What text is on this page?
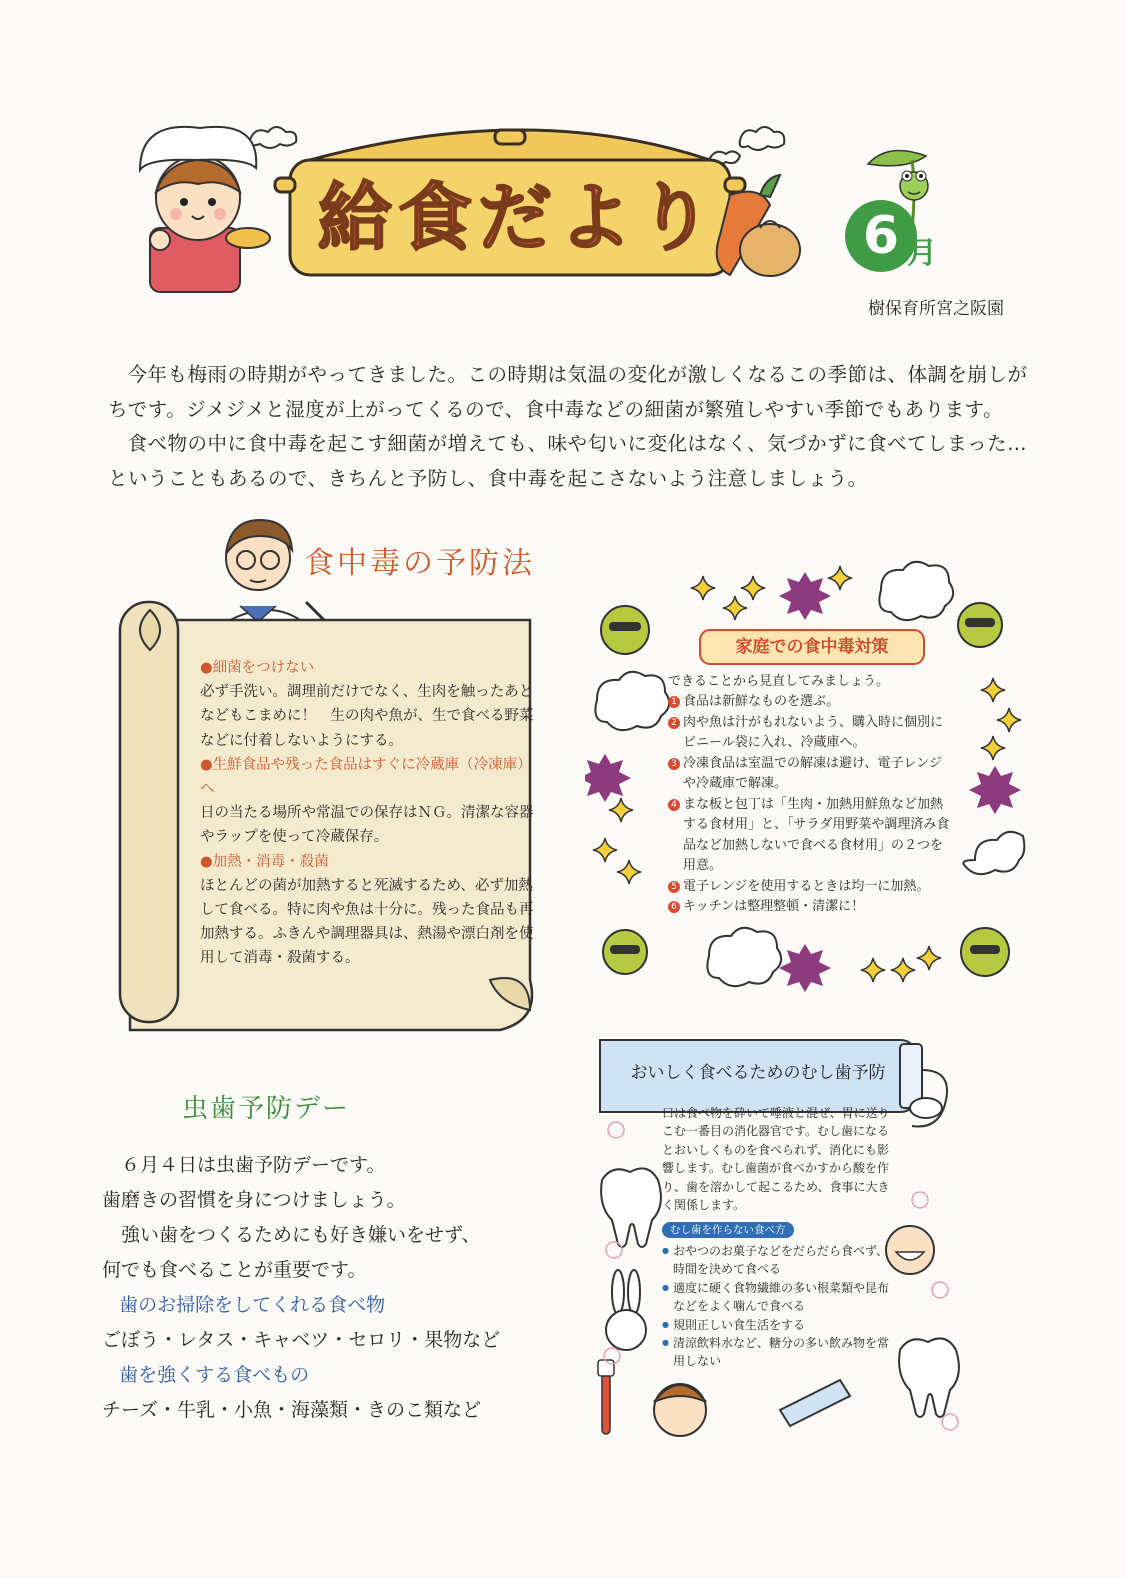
給食だより	6 月
樹保育所宮之阪園

今年も梅雨の時期がやってきました。この時期は気温の変化が激しくなるこの季節は、体調を崩しがちです。ジメジメと湿度が上がってくるので、食中毒などの細菌が繁殖しやすい季節でもあります。

食べ物の中に食中毒を起こす細菌が増えても、味や匂いに変化はなく、気づかずに食べてしまった…ということもあるので、きちんと予防し、食中毒を起こさないよう注意しましょう。

食中毒の予防法
●細菌をつけない
必ず手洗い。調理前だけでなく、生肉を触ったあとなどもこまめに！　生の肉や魚が、生で食べる野菜などに付着しないようにする。
●生鮮食品や残った食品はすぐに冷蔵庫（冷凍庫）へ
日の当たる場所や常温での保存はＮＧ。清潔な容器やラップを使って冷蔵保存。
●加熱・消毒・殺菌
ほとんどの菌が加熱すると死滅するため、必ず加熱して食べる。特に肉や魚は十分に。残った食品も再加熱する。ふきんや調理器具は、熱湯や漂白剤を使用して消毒・殺菌する。
家庭での食中毒対策
できることから見直してみましょう。
1 食品は新鮮なものを選ぶ。
2 肉や魚は汁がもれないよう、購入時に個別にビニール袋に入れ、冷蔵庫へ。
3 冷凍食品は室温での解凍は避け、電子レンジや冷蔵庫で解凍。
4 まな板と包丁は「生肉・加熱用鮮魚など加熱する食材用」と、「サラダ用野菜や調理済み食品など加熱しないで食べる食材用」の２つを用意。
5 電子レンジを使用するときは均一に加熱。
6 キッチンは整理整頓・清潔に！
虫歯予防デー
６月４日は虫歯予防デーです。
歯磨きの習慣を身につけましょう。
強い歯をつくるためにも好き嫌いをせず、
何でも食べることが重要です。
歯のお掃除をしてくれる食べ物
ごぼう・レタス・キャベツ・セロリ・果物など
歯を強くする食べもの
チーズ・牛乳・小魚・海藻類・きのこ類など
おいしく食べるためのむし歯予防
口は食べ物を砕いて唾液と混ぜ、胃に送りこむ一番目の消化器官です。むし歯になるとおいしくものを食べられず、消化にも影響します。むし歯菌が食べかすから酸を作り、歯を溶かして起こるため、食事に大きく関係します。
むし歯を作らない食べ方
● おやつのお菓子などをだらだら食べず、時間を決めて食べる
● 適度に硬く食物繊維の多い根菜類や昆布などをよく噛んで食べる
● 規則正しい食生活をする
● 清涼飲料水など、糖分の多い飲み物を常用しない
